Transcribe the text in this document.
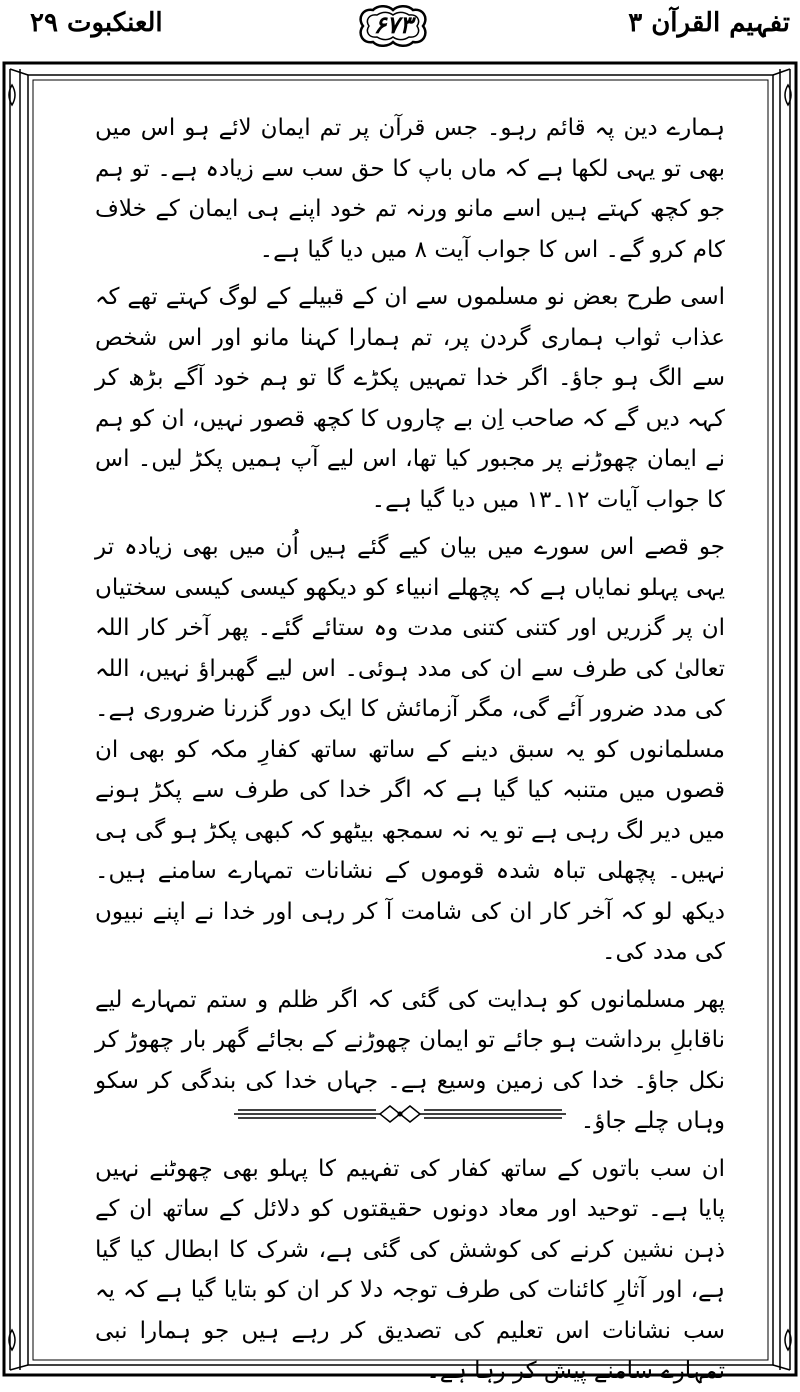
تفہیم القرآن ۳
۶۷۳
العنکبوت ۲۹

ہمارے دین پہ قائم رہو۔ جس قرآن پر تم ایمان لائے ہو اس میں بھی تو یہی لکھا ہے کہ ماں باپ کا حق سب سے زیادہ ہے۔ تو ہم جو کچھ کہتے ہیں اسے مانو ورنہ تم خود اپنے ہی ایمان کے خلاف کام کرو گے۔ اس کا جواب آیت ۸ میں دیا گیا ہے۔

اسی طرح بعض نو مسلموں سے ان کے قبیلے کے لوگ کہتے تھے کہ عذاب ثواب ہماری گردن پر، تم ہمارا کہنا مانو اور اس شخص سے الگ ہو جاؤ۔ اگر خدا تمہیں پکڑے گا تو ہم خود آگے بڑھ کر کہہ دیں گے کہ صاحب اِن بے چاروں کا کچھ قصور نہیں، ان کو ہم نے ایمان چھوڑنے پر مجبور کیا تھا، اس لیے آپ ہمیں پکڑ لیں۔ اس کا جواب آیات ۱۲۔۱۳ میں دیا گیا ہے۔

جو قصے اس سورے میں بیان کیے گئے ہیں اُن میں بھی زیادہ تر یہی پہلو نمایاں ہے کہ پچھلے انبیاء کو دیکھو کیسی کیسی سختیاں ان پر گزریں اور کتنی کتنی مدت وہ ستائے گئے۔ پھر آخر کار اللہ تعالیٰ کی طرف سے ان کی مدد ہوئی۔ اس لیے گھبراؤ نہیں، اللہ کی مدد ضرور آئے گی، مگر آزمائش کا ایک دور گزرنا ضروری ہے۔ مسلمانوں کو یہ سبق دینے کے ساتھ ساتھ کفارِ مکہ کو بھی ان قصوں میں متنبہ کیا گیا ہے کہ اگر خدا کی طرف سے پکڑ ہونے میں دیر لگ رہی ہے تو یہ نہ سمجھ بیٹھو کہ کبھی پکڑ ہو گی ہی نہیں۔ پچھلی تباہ شدہ قوموں کے نشانات تمہارے سامنے ہیں۔ دیکھ لو کہ آخر کار ان کی شامت آ کر رہی اور خدا نے اپنے نبیوں کی مدد کی۔

پھر مسلمانوں کو ہدایت کی گئی کہ اگر ظلم و ستم تمہارے لیے ناقابلِ برداشت ہو جائے تو ایمان چھوڑنے کے بجائے گھر بار چھوڑ کر نکل جاؤ۔ خدا کی زمین وسیع ہے۔ جہاں خدا کی بندگی کر سکو وہاں چلے جاؤ۔

ان سب باتوں کے ساتھ کفار کی تفہیم کا پہلو بھی چھوٹنے نہیں پایا ہے۔ توحید اور معاد دونوں حقیقتوں کو دلائل کے ساتھ ان کے ذہن نشین کرنے کی کوشش کی گئی ہے، شرک کا ابطال کیا گیا ہے، اور آثارِ کائنات کی طرف توجہ دلا کر ان کو بتایا گیا ہے کہ یہ سب نشانات اس تعلیم کی تصدیق کر رہے ہیں جو ہمارا نبی تمہارے سامنے پیش کر رہا ہے۔
